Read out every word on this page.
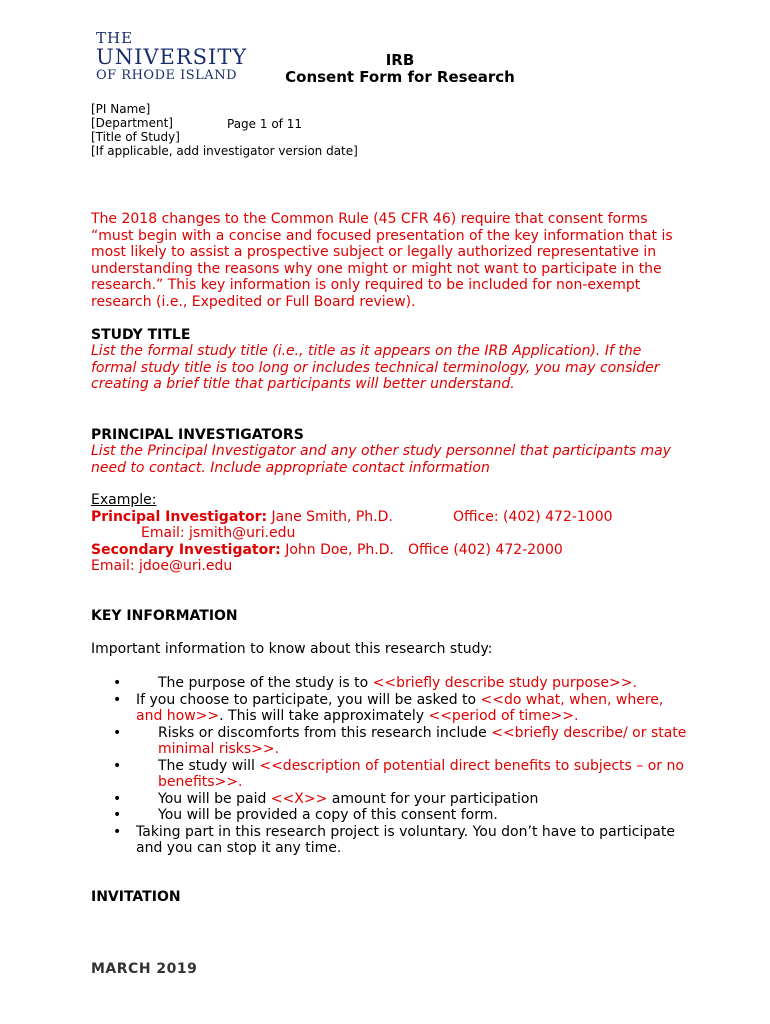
THE
UNIVERSITY
OF RHODE ISLAND
IRB
Consent Form for Research
[PI Name]
[Department]
[Title of Study]
[If applicable, add investigator version date]
Page 1 of 11
The 2018 changes to the Common Rule (45 CFR 46) require that consent forms “must begin with a concise and focused presentation of the key information that is most likely to assist a prospective subject or legally authorized representative in understanding the reasons why one might or might not want to participate in the research.” This key information is only required to be included for non-exempt research (i.e., Expedited or Full Board review).
STUDY TITLE
List the formal study title (i.e., title as it appears on the IRB Application). If the formal study title is too long or includes technical terminology, you may consider creating a brief title that participants will better understand.
PRINCIPAL INVESTIGATORS
List the Principal Investigator and any other study personnel that participants may need to contact. Include appropriate contact information
Example:
Principal Investigator: Jane Smith, Ph.D.	Office: (402) 472-1000
Email: jsmith@uri.edu
Secondary Investigator: John Doe, Ph.D. Office (402) 472-2000
Email: jdoe@uri.edu
KEY INFORMATION
Important information to know about this research study:
•	The purpose of the study is to <<briefly describe study purpose>>.
• If you choose to participate, you will be asked to <<do what, when, where, and how>>. This will take approximately <<period of time>>.
•	Risks or discomforts from this research include <<briefly describe/ or state minimal risks>>.
•	The study will <<description of potential direct benefits to subjects – or no benefits>>.
•	You will be paid <<X>> amount for your participation
•	You will be provided a copy of this consent form.
• Taking part in this research project is voluntary. You don’t have to participate and you can stop it any time.
INVITATION
MARCH 2019
